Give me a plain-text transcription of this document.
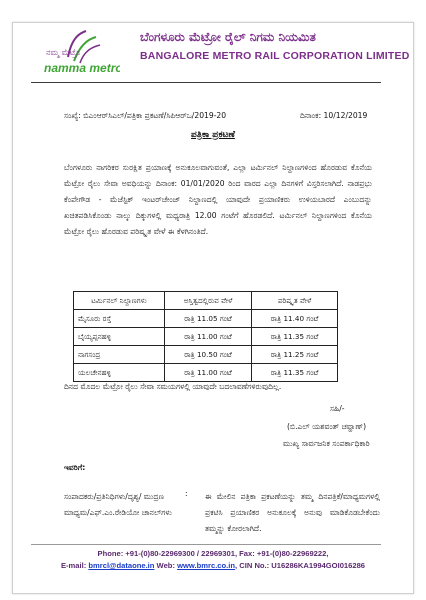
ನಮ್ಮ ಮೆಟ್ರೊ
namma metro
ಬೆಂಗಳೂರು ಮೆಟ್ರೋ ರೈಲ್ ನಿಗಮ ನಿಯಮಿತ
BANGALORE METRO RAIL CORPORATION LIMITED
ಸಂಖ್ಯೆ: ಬಿಎಂಆರ್‌ಸಿಎಲ್/ಪತ್ರಿಕಾ ಪ್ರಕಟಣೆ/ಸಿಪಿಆರ್‌ಒ/2019-20	ದಿನಾಂಕ: 10/12/2019
ಪತ್ರಿಕಾ ಪ್ರಕಟಣೆ
ಬೆಂಗಳೂರು ನಾಗರಿಕರ ಸುರಕ್ಷಿತ ಪ್ರಯಾಣಕ್ಕೆ ಅನುಕೂಲವಾಗುವಂತೆ, ಎಲ್ಲಾ ಟರ್ಮಿನಲ್ ನಿಲ್ದಾಣಗಳಿಂದ ಹೊರಡುವ ಕೊನೆಯ ಮೆಟ್ರೋ ರೈಲು ಸೇವಾ ಅವಧಿಯನ್ನು ದಿನಾಂಕ: 01/01/2020 ರಿಂದ ವಾರದ ಎಲ್ಲಾ ದಿನಗಳಿಗೆ ವಿಸ್ತರಿಸಲಾಗಿದೆ. ನಾಡಪ್ರಭು ಕೆಂಪೇಗೌಡ - ಮೆಜೆಸ್ಟಿಕ್ ಇಂಟರ್‌ಚೇಂಜ್ ನಿಲ್ದಾಣದಲ್ಲಿ ಯಾವುದೇ ಪ್ರಯಾಣಿಕರು ಉಳಿಯಬಾರದೆ ಎಂಬುದನ್ನು ಖಚಿತಪಡಿಸಿಕೊಂಡು ನಾಲ್ಕು ದಿಕ್ಕುಗಳಲ್ಲಿ ಮಧ್ಯರಾತ್ರಿ 12.00 ಗಂಟೆಗೆ ಹೊರಡಲಿದೆ. ಟರ್ಮಿನಲ್ ನಿಲ್ದಾಣಗಳಿಂದ ಕೊನೆಯ ಮೆಟ್ರೋ ರೈಲು ಹೊರಡುವ ಪರಿಷ್ಕೃತ ವೇಳೆ ಈ ಕೆಳಗಿನಂತಿದೆ.
ಟರ್ಮಿನಲ್ ನಿಲ್ದಾಣಗಳು	ಅಸ್ತಿತ್ವದಲ್ಲಿರುವ ವೇಳೆ	ಪರಿಷ್ಕೃತ ವೇಳೆ
ಮೈಸೂರು ರಸ್ತೆ	ರಾತ್ರಿ 11.05 ಗಂಟೆ	ರಾತ್ರಿ 11.40 ಗಂಟೆ
ಬೈಯ್ಯಪ್ಪನಹಳ್ಳಿ	ರಾತ್ರಿ 11.00 ಗಂಟೆ	ರಾತ್ರಿ 11.35 ಗಂಟೆ
ನಾಗಸಂದ್ರ	ರಾತ್ರಿ 10.50 ಗಂಟೆ	ರಾತ್ರಿ 11.25 ಗಂಟೆ
ಯಲಚೇನಹಳ್ಳಿ	ರಾತ್ರಿ 11.00 ಗಂಟೆ	ರಾತ್ರಿ 11.35 ಗಂಟೆ
ದಿನದ ಮೊದಲ ಮೆಟ್ರೋ ರೈಲು ಸೇವಾ ಸಮಯಗಳಲ್ಲಿ ಯಾವುದೇ ಬದಲಾವಣೆಗಳಿರುವುದಿಲ್ಲ.
ಸಹಿ/-
(ಬಿ.ಎಲ್ ಯಶವಂತ್ ಚವ್ಹಾಣ್)
ಮುಖ್ಯ ಸಾರ್ವಜನಿಕ ಸಂಪರ್ಕಾಧಿಕಾರಿ
ಇವರಿಗೆ:
ಸಂಪಾದಕರು/ಪ್ರತಿನಿಧಿಗಳು/ದೃಶ್ಯ/ ಮುದ್ರಣ ಮಾಧ್ಯಮ/ಎಫ್.ಎಂ.ರೇಡಿಯೋ ಚಾನಲ್‌ಗಳು
: ಈ ಮೇಲಿನ ಪತ್ರಿಕಾ ಪ್ರಕಟಣೆಯನ್ನು ತಮ್ಮ ದಿನಪತ್ರಿಕೆ/ಮಾಧ್ಯಮಗಳಲ್ಲಿ ಪ್ರಕಟಿಸಿ ಪ್ರಯಾಣಿಕರ ಅನುಕೂಲಕ್ಕೆ ಅನುವು ಮಾಡಿಕೊಡಬೇಕೆಂದು ತಮ್ಮನ್ನು ಕೋರಲಾಗಿದೆ.
Phone: +91-(0)80-22969300 / 22969301, Fax: +91-(0)80-22969222,
E-mail: bmrcl@dataone.in Web: www.bmrc.co.in, CIN No.: U16286KA1994GOI016286
